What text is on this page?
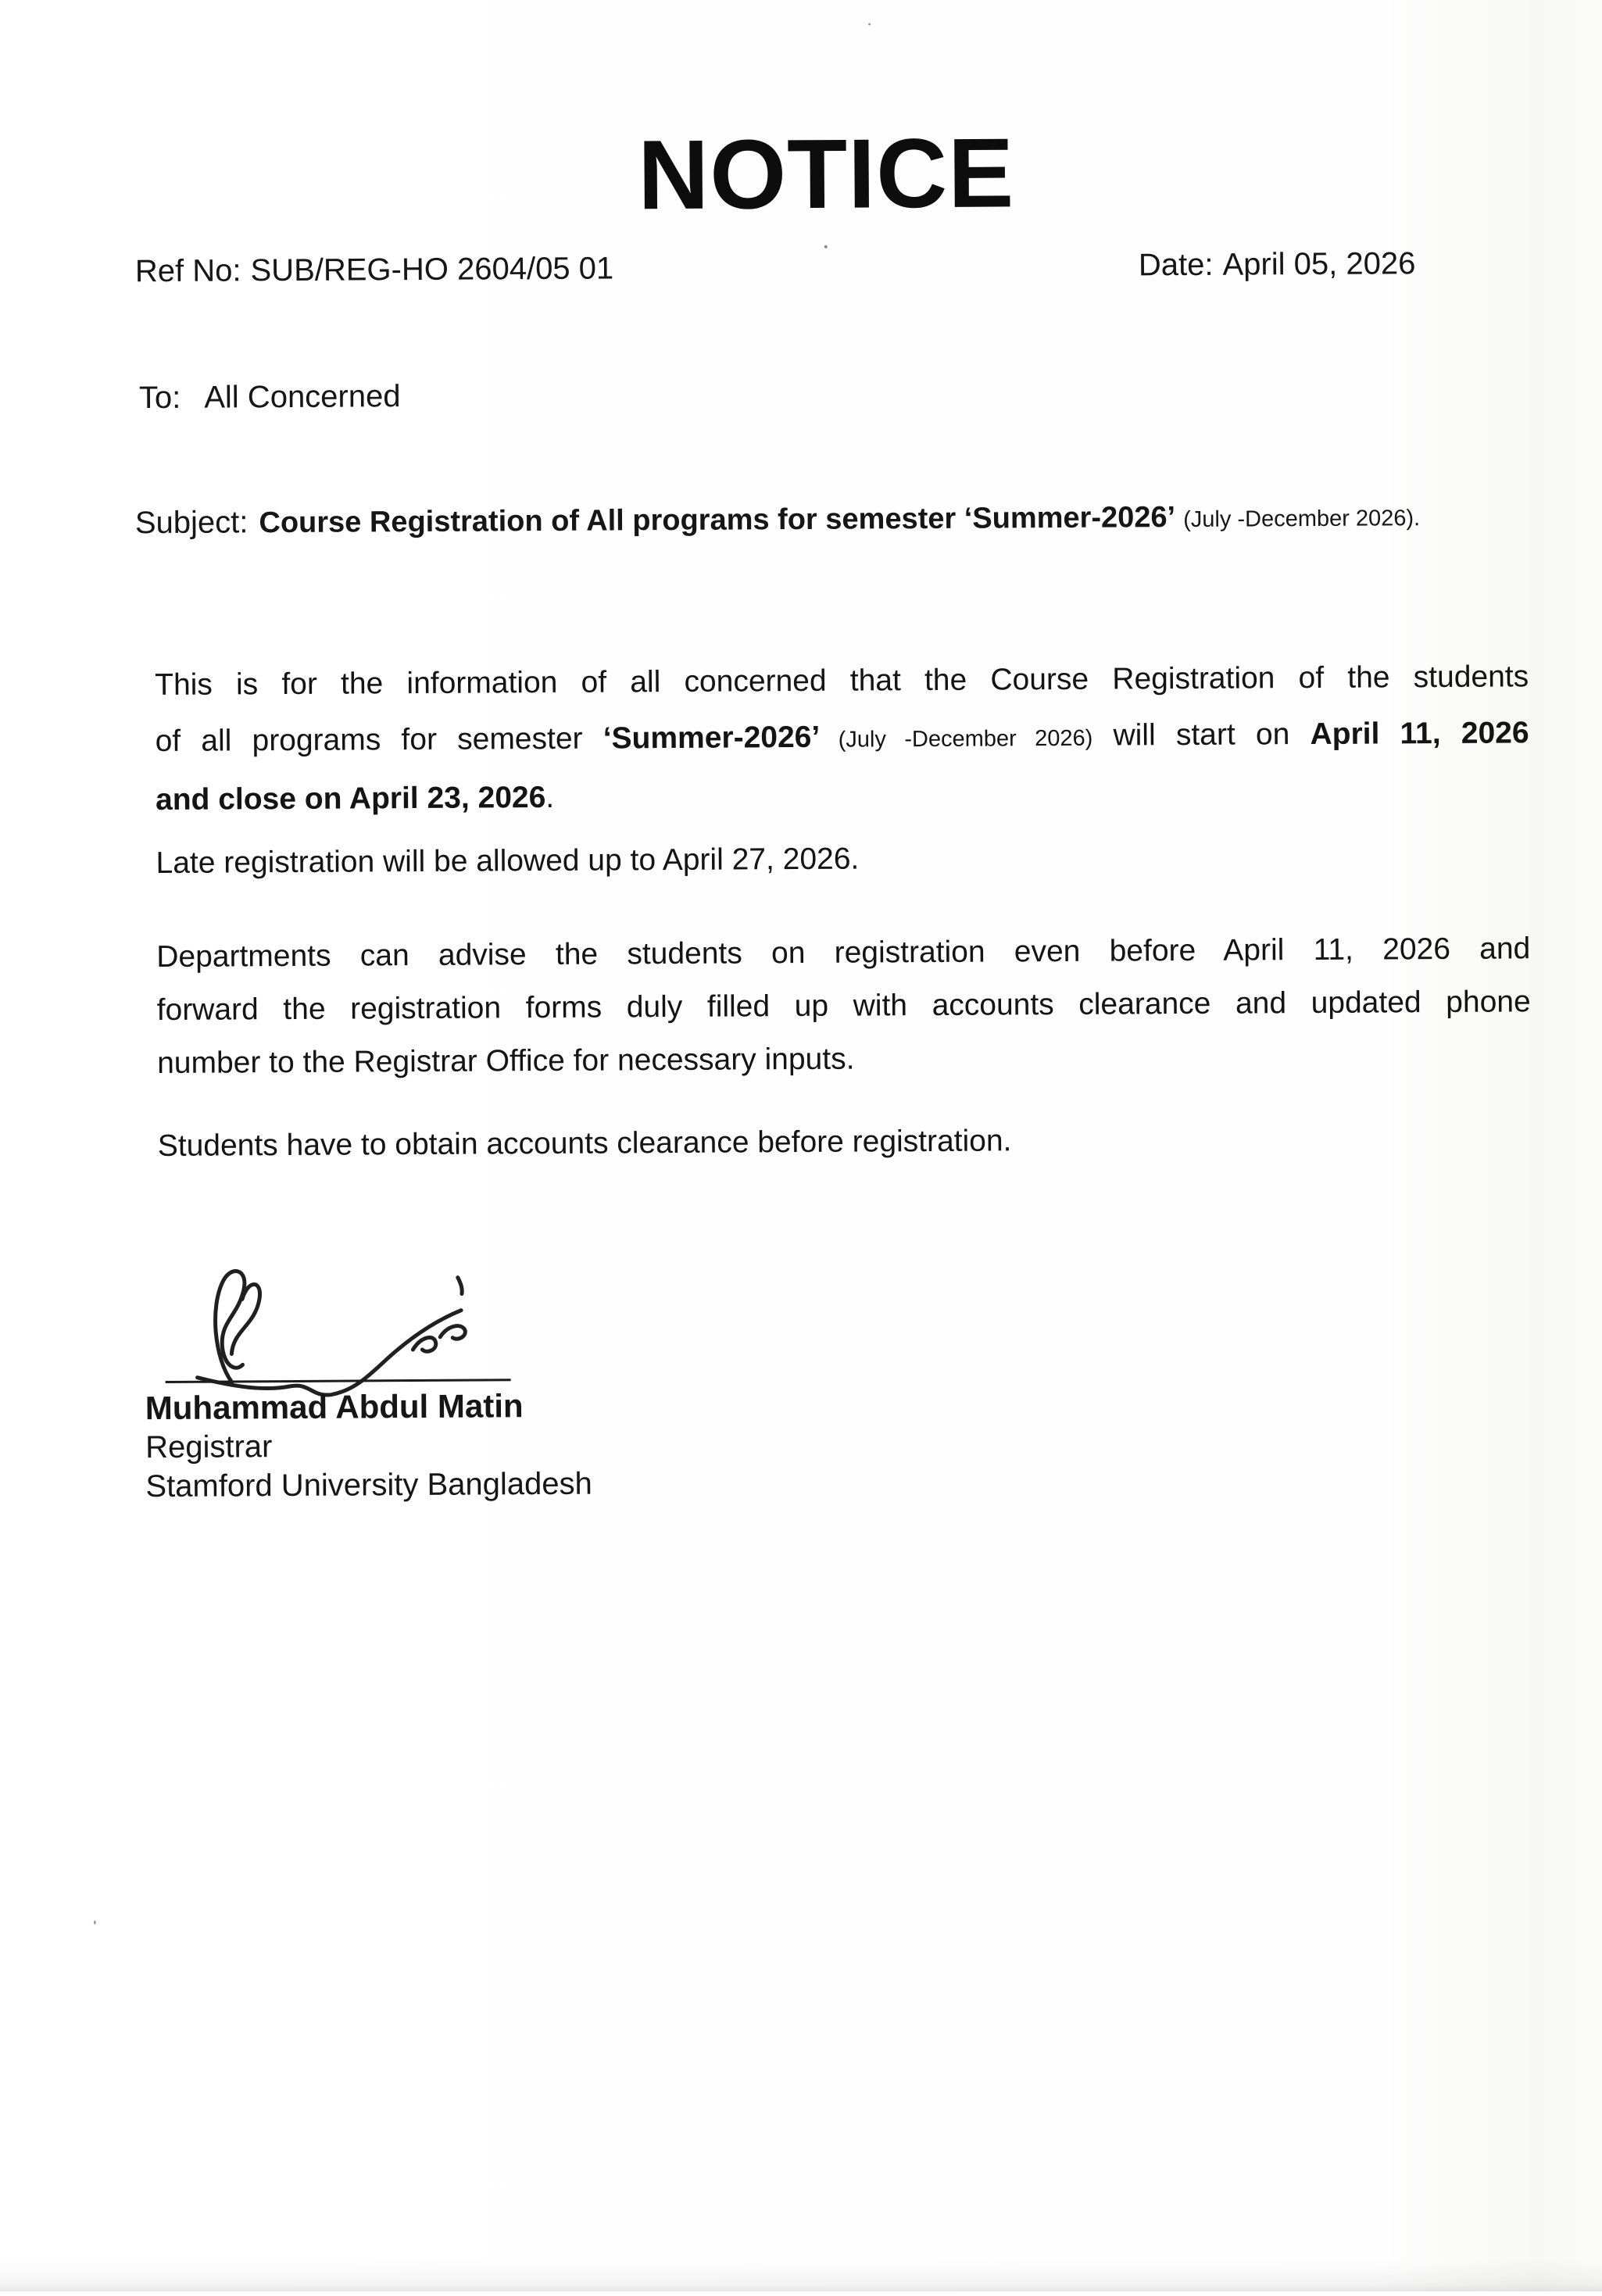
NOTICE
Ref No: SUB/REG-HO 2604/05 01	Date: April 05, 2026
To: All Concerned
Subject: Course Registration of All programs for semester ‘Summer-2026’ (July -December 2026).
This is for the information of all concerned that the Course Registration of the students
of all programs for semester ‘Summer-2026’ (July -December 2026) will start on April 11, 2026
and close on April 23, 2026.
Late registration will be allowed up to April 27, 2026.
Departments can advise the students on registration even before April 11, 2026 and
forward the registration forms duly filled up with accounts clearance and updated phone
number to the Registrar Office for necessary inputs.
Students have to obtain accounts clearance before registration.
Muhammad Abdul Matin
Registrar
Stamford University Bangladesh
